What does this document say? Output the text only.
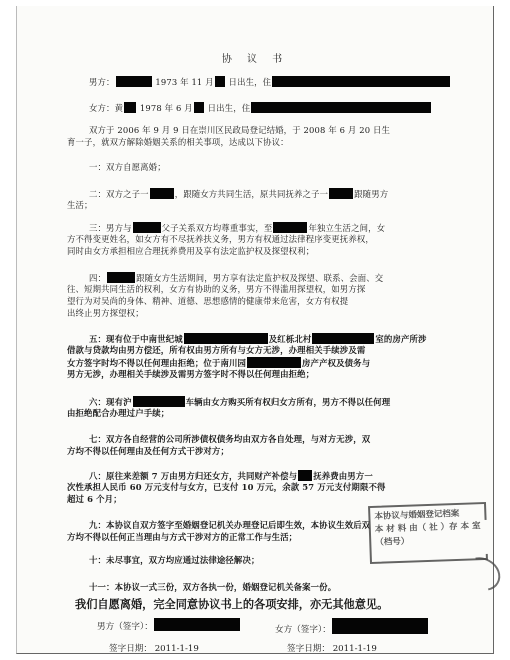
协 议 书
男方：	1973 年 11 月 日出生，住
女方：黄 1978 年 6 月 日出生，住
双方于 2006 年 9 月 9 日在崇川区民政局登记结婚，于 2008 年 6 月 20 日生
育一子，就双方解除婚姻关系的相关事项，达成以下协议：
一：双方自愿离婚；
二：双方之子一	，跟随女方共同生活，原共同抚养之子一	跟随男方
生活；
三：男方与	父子关系双方均尊重事实，至	年独立生活之间，女
方不得变更姓名，如女方有不尽抚养扶义务，男方有权通过法律程序变更抚养权，
同时由女方承担相应合理抚养费用及享有法定监护权及探望权利；
四：	跟随女方生活期间，男方享有法定监护权及探望、联系、会面、交
往、短期共同生活的权利，女方有协助的义务，男方不得滥用探望权，如男方探
望行为对吴尚的身体、精神、道德、思想感情的健康带来危害，女方有权提
出终止男方探望权；
五：现有位于中南世纪城	及红栎北村	室的房产所涉
借款与贷款均由男方偿还，所有权由男方所有与女方无涉，办理相关手续涉及需
女方签字时均不得以任何理由拒绝；位于南川园	房产产权及债务与
男方无涉，办理相关手续涉及需男方签字时不得以任何理由拒绝；
六：现有沪	车辆由女方购买所有权归女方所有，男方不得以任何理
由拒绝配合办理过户手续；
七：双方各自经营的公司所涉债权债务均由双方各自处理，与对方无涉，双
方均不得以任何理由及任何方式干涉对方；
八：原往来差额 7 万由男方归还女方，共同财产补偿与 抚养费由男方一
次性承担人民币 60 万元支付与女方，已支付 10 万元，余款 57 万元支付期限不得
超过 6 个月；
九：本协议自双方签字至婚姻登记机关办理登记后即生效，本协议生效后双
方均不得以任何正当理由与方式干涉对方的正常工作与生活；
十：未尽事宜，双方均应通过法律途径解决；
十一：本协议一式三份，双方各执一份，婚姻登记机关备案一份。
我们自愿离婚，完全同意协议书上的各项安排，亦无其他意见。
男方（签字）：	女方（签字）：
签字日期： 2011-1-19	签字日期： 2011-1-19
本协议与婚姻登记档案
本 材 料 由（ 社 ）存 本 室
（档号）
